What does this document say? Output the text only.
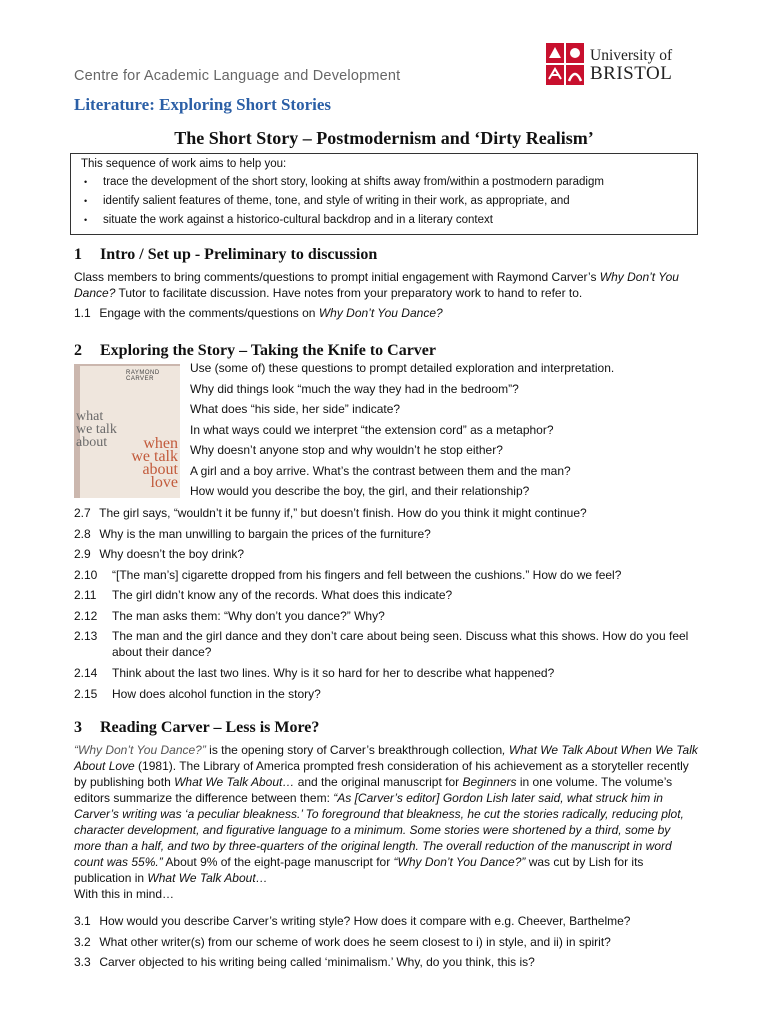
Centre for Academic Language and Development
Literature: Exploring Short Stories
The Short Story – Postmodernism and ‘Dirty Realism’
University of
BRISTOL
This sequence of work aims to help you:
• trace the development of the short story, looking at shifts away from/within a postmodern paradigm
• identify salient features of theme, tone, and style of writing in their work, as appropriate, and
• situate the work against a historico-cultural backdrop and in a literary context
1 Intro / Set up - Preliminary to discussion
Class members to bring comments/questions to prompt initial engagement with Raymond Carver’s Why Don’t You Dance? Tutor to facilitate discussion. Have notes from your preparatory work to hand to refer to.
1.1 Engage with the comments/questions on Why Don’t You Dance?
2 Exploring the Story – Taking the Knife to Carver
RAYMOND CARVER
what
we talk
about	when
we talk
about
love
Use (some of) these questions to prompt detailed exploration and interpretation.
Why did things look “much the way they had in the bedroom”?
What does “his side, her side” indicate?
In what ways could we interpret “the extension cord” as a metaphor?
Why doesn’t anyone stop and why wouldn’t he stop either?
A girl and a boy arrive. What’s the contrast between them and the man?
How would you describe the boy, the girl, and their relationship?
2.7 The girl says, “wouldn’t it be funny if,” but doesn’t finish. How do you think it might continue?
2.8 Why is the man unwilling to bargain the prices of the furniture?
2.9 Why doesn’t the boy drink?
2.10 “[The man’s] cigarette dropped from his fingers and fell between the cushions.” How do we feel?
2.11 The girl didn’t know any of the records. What does this indicate?
2.12 The man asks them: “Why don’t you dance?” Why?
2.13	The man and the girl dance and they don’t care about being seen. Discuss what this shows. How do you feel about their dance?
2.14 Think about the last two lines. Why is it so hard for her to describe what happened?
2.15 How does alcohol function in the story?
3 Reading Carver – Less is More?
“Why Don’t You Dance?” is the opening story of Carver’s breakthrough collection, What We Talk About When We Talk About Love (1981). The Library of America prompted fresh consideration of his achievement as a storyteller recently by publishing both What We Talk About… and the original manuscript for Beginners in one volume. The volume’s editors summarize the difference between them: “As [Carver’s editor] Gordon Lish later said, what struck him in Carver’s writing was ‘a peculiar bleakness.’ To foreground that bleakness, he cut the stories radically, reducing plot, character development, and figurative language to a minimum. Some stories were shortened by a third, some by more than a half, and two by three-quarters of the original length. The overall reduction of the manuscript in word count was 55%.” About 9% of the eight-page manuscript for “Why Don’t You Dance?” was cut by Lish for its publication in What We Talk About…
With this in mind…
3.1 How would you describe Carver’s writing style? How does it compare with e.g. Cheever, Barthelme?
3.2 What other writer(s) from our scheme of work does he seem closest to i) in style, and ii) in spirit?
3.3 Carver objected to his writing being called ‘minimalism.’ Why, do you think, this is?
